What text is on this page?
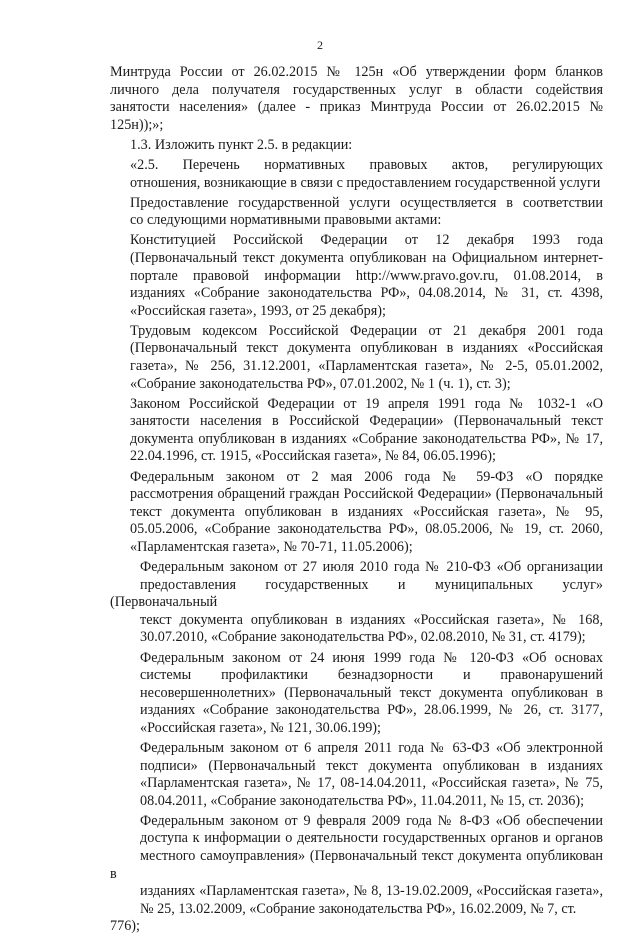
2

Минтруда России от 26.02.2015 № 125н «Об утверждении форм бланков
личного дела получателя государственных услуг в области содействия
занятости населения» (далее - приказ Минтруда России от 26.02.2015 №
125н));»;

1.3. Изложить пункт 2.5. в редакции:

«2.5. Перечень нормативных правовых актов, регулирующих
отношения, возникающие в связи с предоставлением государственной услуги

Предоставление государственной услуги осуществляется в соответствии
со следующими нормативными правовыми актами:

Конституцией Российской Федерации от 12 декабря 1993 года
(Первоначальный текст документа опубликован на Официальном интернет-
портале правовой информации http://www.pravo.gov.ru, 01.08.2014, в
изданиях «Собрание законодательства РФ», 04.08.2014, № 31, ст. 4398,
«Российская газета», 1993, от 25 декабря);

Трудовым кодексом Российской Федерации от 21 декабря 2001 года
(Первоначальный текст документа опубликован в изданиях «Российская
газета», № 256, 31.12.2001, «Парламентская газета», № 2-5, 05.01.2002,
«Собрание законодательства РФ», 07.01.2002, № 1 (ч. 1), ст. 3);

Законом Российской Федерации от 19 апреля 1991 года № 1032-1 «О
занятости населения в Российской Федерации» (Первоначальный текст
документа опубликован в изданиях «Собрание законодательства РФ», № 17,
22.04.1996, ст. 1915, «Российская газета», № 84, 06.05.1996);

Федеральным законом от 2 мая 2006 года № 59-ФЗ «О порядке
рассмотрения обращений граждан Российской Федерации» (Первоначальный
текст документа опубликован в изданиях «Российская газета», № 95,
05.05.2006, «Собрание законодательства РФ», 08.05.2006, № 19, ст. 2060,
«Парламентская газета», № 70-71, 11.05.2006);

Федеральным законом от 27 июля 2010 года № 210-ФЗ «Об организации
предоставления государственных и муниципальных услуг» (Первоначальный
текст документа опубликован в изданиях «Российская газета», № 168,
30.07.2010, «Собрание законодательства РФ», 02.08.2010, № 31, ст. 4179);

Федеральным законом от 24 июня 1999 года № 120-ФЗ «Об основах
системы профилактики безнадзорности и правонарушений
несовершеннолетних» (Первоначальный текст документа опубликован в
изданиях «Собрание законодательства РФ», 28.06.1999, № 26, ст. 3177,
«Российская газета», № 121, 30.06.199);

Федеральным законом от 6 апреля 2011 года № 63-ФЗ «Об электронной
подписи» (Первоначальный текст документа опубликован в изданиях
«Парламентская газета», № 17, 08-14.04.2011, «Российская газета», № 75,
08.04.2011, «Собрание законодательства РФ», 11.04.2011, № 15, ст. 2036);

Федеральным законом от 9 февраля 2009 года № 8-ФЗ «Об обеспечении
доступа к информации о деятельности государственных органов и органов
местного самоуправления» (Первоначальный текст документа опубликован в
изданиях «Парламентская газета», № 8, 13-19.02.2009, «Российская газета»,
№ 25, 13.02.2009, «Собрание законодательства РФ», 16.02.2009, № 7, ст. 776);
